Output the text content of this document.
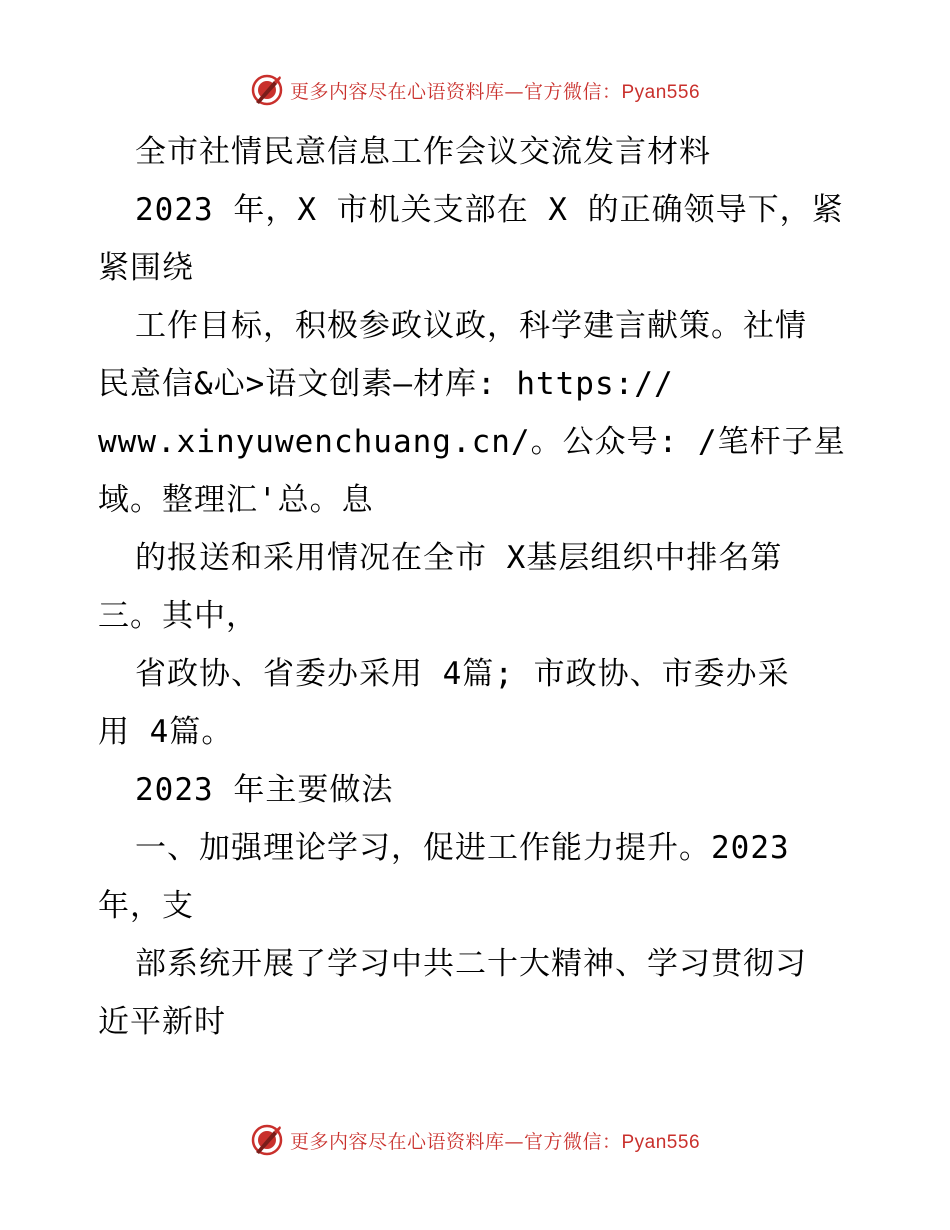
更多内容尽在心语资料库—官方微信：Pyan556
全市社情民意信息工作会议交流发言材料
2023 年，X 市机关支部在 X 的正确领导下，紧
紧围绕
工作目标，积极参政议政，科学建言献策。社情
民意信&心>语文创素—材库: https://
www.xinyuwenchuang.cn/。公众号: /笔杆子星
域。整理汇'总。息
的报送和采用情况在全市 X基层组织中排名第
三。其中，
省政协、省委办采用 4篇; 市政协、市委办采
用 4篇。
2023 年主要做法
一、加强理论学习，促进工作能力提升。2023
年，支
部系统开展了学习中共二十大精神、学习贯彻习
近平新时
更多内容尽在心语资料库—官方微信：Pyan556
